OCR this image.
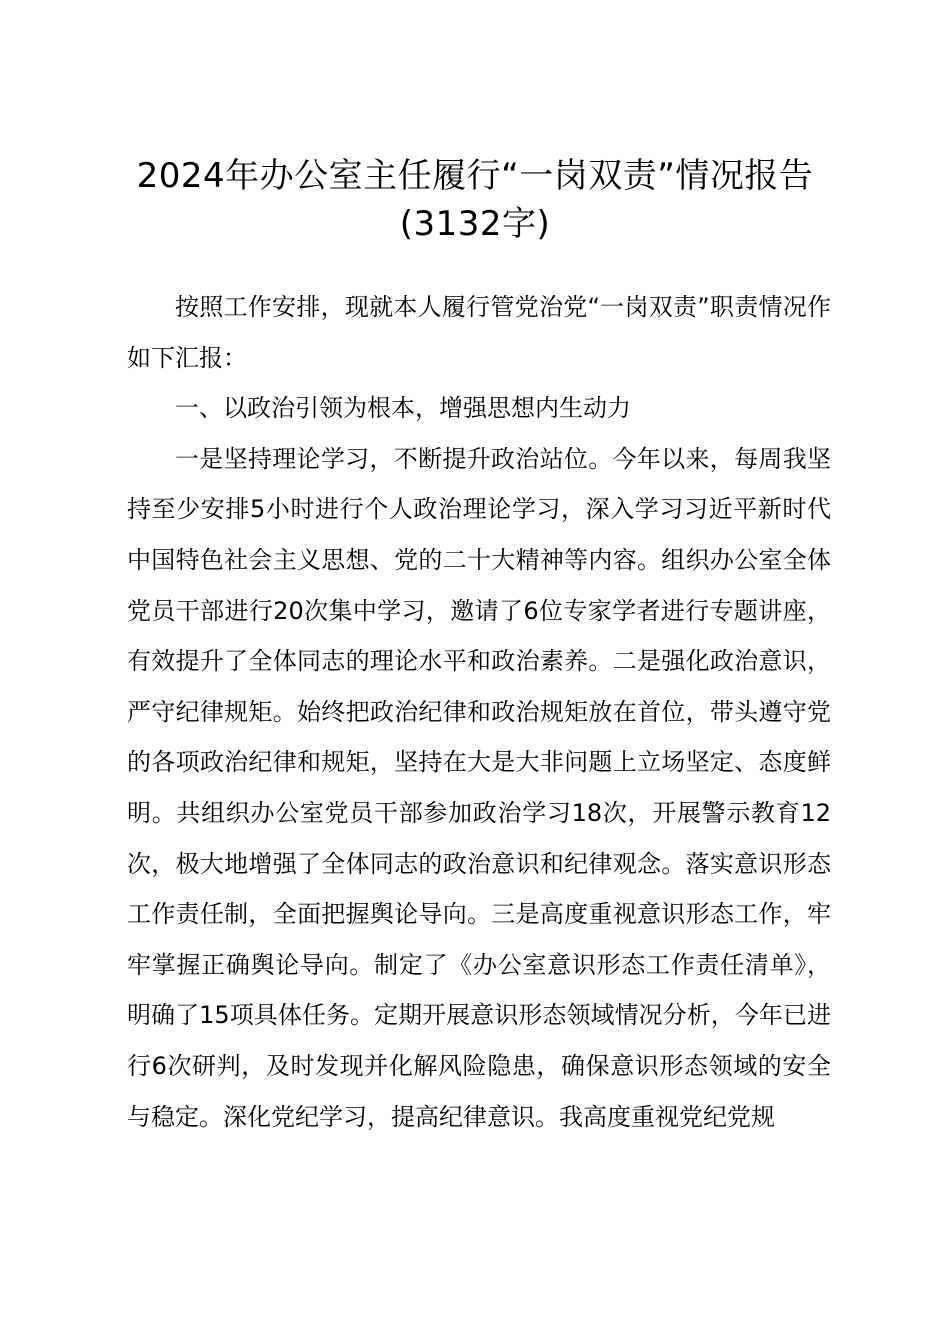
2024年办公室主任履行“一岗双责”情况报告(3132字)

按照工作安排，现就本人履行管党治党“一岗双责”职责情况作如下汇报：

一、以政治引领为根本，增强思想内生动力

一是坚持理论学习，不断提升政治站位。今年以来，每周我坚持至少安排5小时进行个人政治理论学习，深入学习习近平新时代中国特色社会主义思想、党的二十大精神等内容。组织办公室全体党员干部进行20次集中学习，邀请了6位专家学者进行专题讲座，有效提升了全体同志的理论水平和政治素养。二是强化政治意识，严守纪律规矩。始终把政治纪律和政治规矩放在首位，带头遵守党的各项政治纪律和规矩，坚持在大是大非问题上立场坚定、态度鲜明。共组织办公室党员干部参加政治学习18次，开展警示教育12次，极大地增强了全体同志的政治意识和纪律观念。落实意识形态工作责任制，全面把握舆论导向。三是高度重视意识形态工作，牢牢掌握正确舆论导向。制定了《办公室意识形态工作责任清单》，明确了15项具体任务。定期开展意识形态领域情况分析，今年已进行6次研判，及时发现并化解风险隐患，确保意识形态领域的安全与稳定。深化党纪学习，提高纪律意识。我高度重视党纪党规
